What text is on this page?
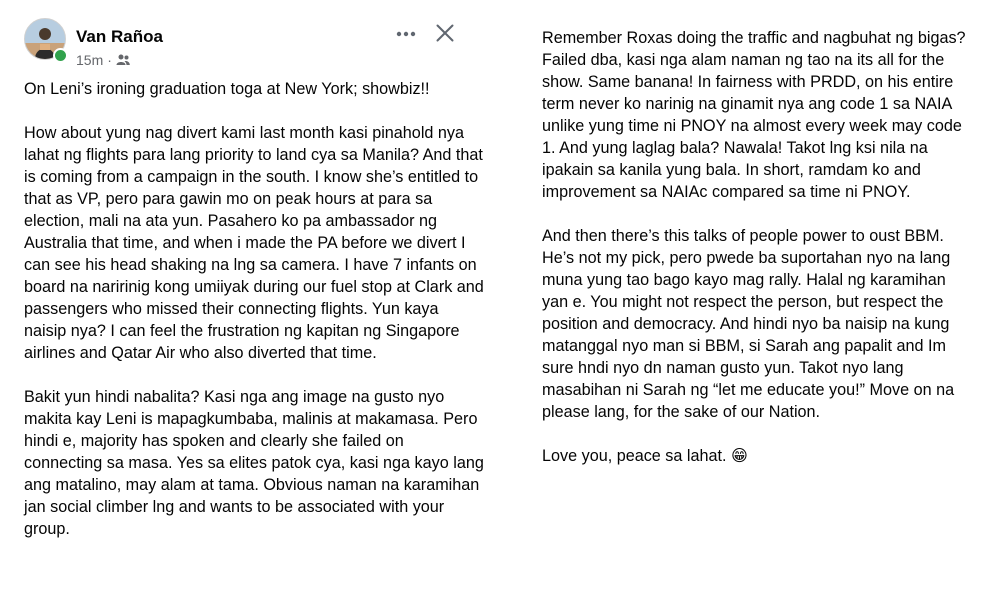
Van Rañoa
15m ·

On Leni’s ironing graduation toga at New York; showbiz!!

How about yung nag divert kami last month kasi pinahold nya lahat ng flights para lang priority to land cya sa Manila? And that is coming from a campaign in the south. I know she’s entitled to that as VP, pero para gawin mo on peak hours at para sa election, mali na ata yun. Pasahero ko pa ambassador ng Australia that time, and when i made the PA before we divert I can see his head shaking na lng sa camera. I have 7 infants on board na naririnig kong umiiyak during our fuel stop at Clark and passengers who missed their connecting flights. Yun kaya naisip nya? I can feel the frustration ng kapitan ng Singapore airlines and Qatar Air who also diverted that time.

Bakit yun hindi nabalita? Kasi nga ang image na gusto nyo makita kay Leni is mapagkumbaba, malinis at makamasa. Pero hindi e, majority has spoken and clearly she failed on connecting sa masa. Yes sa elites patok cya, kasi nga kayo lang ang matalino, may alam at tama. Obvious naman na karamihan jan social climber lng and wants to be associated with your group.

Remember Roxas doing the traffic and nagbuhat ng bigas? Failed dba, kasi nga alam naman ng tao na its all for the show. Same banana! In fairness with PRDD, on his entire term never ko narinig na ginamit nya ang code 1 sa NAIA unlike yung time ni PNOY na almost every week may code 1. And yung laglag bala? Nawala! Takot lng ksi nila na ipakain sa kanila yung bala. In short, ramdam ko and improvement sa NAIAc compared sa time ni PNOY.

And then there’s this talks of people power to oust BBM. He’s not my pick, pero pwede ba suportahan nyo na lang muna yung tao bago kayo mag rally. Halal ng karamihan yan e. You might not respect the person, but respect the position and democracy. And hindi nyo ba naisip na kung matanggal nyo man si BBM, si Sarah ang papalit and Im sure hndi nyo dn naman gusto yun. Takot nyo lang masabihan ni Sarah ng “let me educate you!” Move on na please lang, for the sake of our Nation.

Love you, peace sa lahat. 😁
